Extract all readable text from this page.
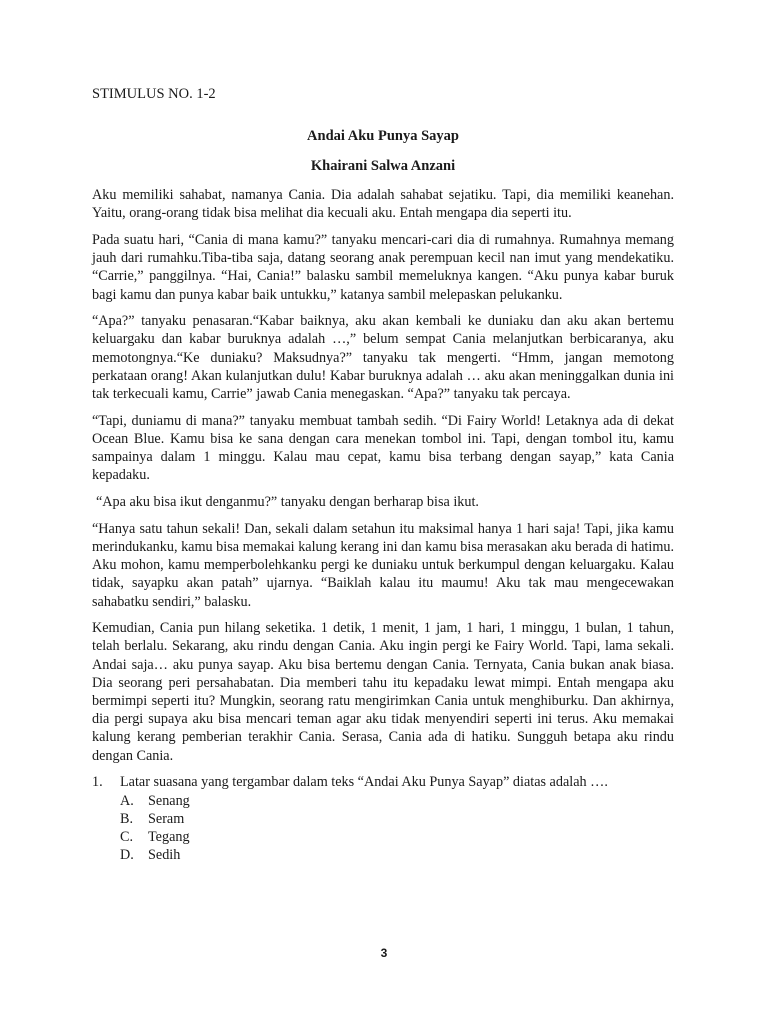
STIMULUS NO. 1-2

Andai Aku Punya Sayap

Khairani Salwa Anzani

Aku memiliki sahabat, namanya Cania. Dia adalah sahabat sejatiku. Tapi, dia memiliki keanehan. Yaitu, orang-orang tidak bisa melihat dia kecuali aku. Entah mengapa dia seperti itu.

Pada suatu hari, “Cania di mana kamu?” tanyaku mencari-cari dia di rumahnya. Rumahnya memang jauh dari rumahku.Tiba-tiba saja, datang seorang anak perempuan kecil nan imut yang mendekatiku. “Carrie,” panggilnya. “Hai, Cania!” balasku sambil memeluknya kangen. “Aku punya kabar buruk bagi kamu dan punya kabar baik untukku,” katanya sambil melepaskan pelukanku.

“Apa?” tanyaku penasaran.“Kabar baiknya, aku akan kembali ke duniaku dan aku akan bertemu keluargaku dan kabar buruknya adalah …,” belum sempat Cania melanjutkan berbicaranya, aku memotongnya.“Ke duniaku? Maksudnya?” tanyaku tak mengerti. “Hmm, jangan memotong perkataan orang! Akan kulanjutkan dulu! Kabar buruknya adalah … aku akan meninggalkan dunia ini tak terkecuali kamu, Carrie” jawab Cania menegaskan. “Apa?” tanyaku tak percaya.

“Tapi, duniamu di mana?” tanyaku membuat tambah sedih. “Di Fairy World! Letaknya ada di dekat Ocean Blue. Kamu bisa ke sana dengan cara menekan tombol ini. Tapi, dengan tombol itu, kamu sampainya dalam 1 minggu. Kalau mau cepat, kamu bisa terbang dengan sayap,” kata Cania kepadaku.

“Apa aku bisa ikut denganmu?” tanyaku dengan berharap bisa ikut.

“Hanya satu tahun sekali! Dan, sekali dalam setahun itu maksimal hanya 1 hari saja! Tapi, jika kamu merindukanku, kamu bisa memakai kalung kerang ini dan kamu bisa merasakan aku berada di hatimu. Aku mohon, kamu memperbolehkanku pergi ke duniaku untuk berkumpul dengan keluargaku. Kalau tidak, sayapku akan patah” ujarnya. “Baiklah kalau itu maumu! Aku tak mau mengecewakan sahabatku sendiri,” balasku.

Kemudian, Cania pun hilang seketika. 1 detik, 1 menit, 1 jam, 1 hari, 1 minggu, 1 bulan, 1 tahun, telah berlalu. Sekarang, aku rindu dengan Cania. Aku ingin pergi ke Fairy World. Tapi, lama sekali. Andai saja… aku punya sayap. Aku bisa bertemu dengan Cania. Ternyata, Cania bukan anak biasa. Dia seorang peri persahabatan. Dia memberi tahu itu kepadaku lewat mimpi. Entah mengapa aku bermimpi seperti itu? Mungkin, seorang ratu mengirimkan Cania untuk menghiburku. Dan akhirnya, dia pergi supaya aku bisa mencari teman agar aku tidak menyendiri seperti ini terus. Aku memakai kalung kerang pemberian terakhir Cania. Serasa, Cania ada di hatiku. Sungguh betapa aku rindu dengan Cania.

1.	Latar suasana yang tergambar dalam teks “Andai Aku Punya Sayap” diatas adalah ….
A.	Senang
B.	Seram
C.	Tegang
D.	Sedih
3
